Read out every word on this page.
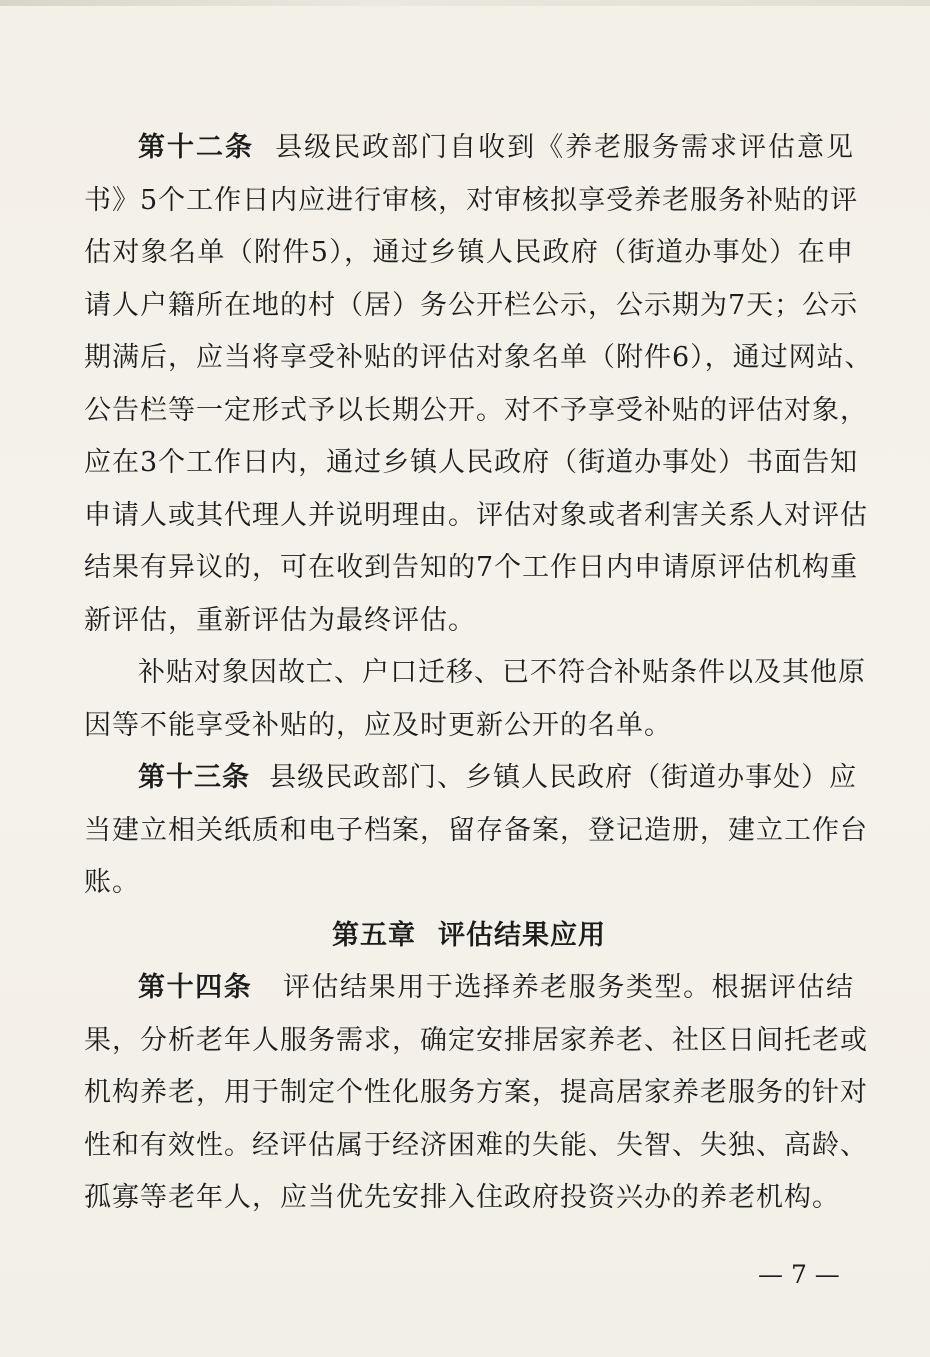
第十二条 县级民政部门自收到《养老服务需求评估意见
书》5个工作日内应进行审核，对审核拟享受养老服务补贴的评
估对象名单（附件5），通过乡镇人民政府（街道办事处）在申
请人户籍所在地的村（居）务公开栏公示，公示期为7天；公示
期满后，应当将享受补贴的评估对象名单（附件6），通过网站、
公告栏等一定形式予以长期公开。对不予享受补贴的评估对象，
应在3个工作日内，通过乡镇人民政府（街道办事处）书面告知
申请人或其代理人并说明理由。评估对象或者利害关系人对评估
结果有异议的，可在收到告知的7个工作日内申请原评估机构重
新评估，重新评估为最终评估。
补贴对象因故亡、户口迁移、已不符合补贴条件以及其他原
因等不能享受补贴的，应及时更新公开的名单。
第十三条 县级民政部门、乡镇人民政府（街道办事处）应
当建立相关纸质和电子档案，留存备案，登记造册，建立工作台
账。
第五章 评估结果应用
第十四条 评估结果用于选择养老服务类型。根据评估结
果，分析老年人服务需求，确定安排居家养老、社区日间托老或
机构养老，用于制定个性化服务方案，提高居家养老服务的针对
性和有效性。经评估属于经济困难的失能、失智、失独、高龄、
孤寡等老年人，应当优先安排入住政府投资兴办的养老机构。
— 7 —
